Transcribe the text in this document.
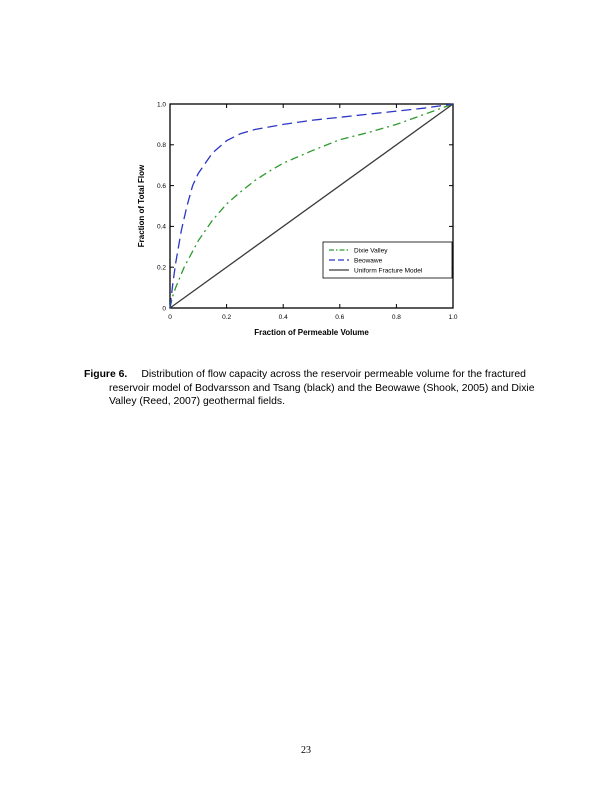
0	0.2	0.4	0.6	0.8	1.0
0
0.2
0.4
0.6
0.8
1.0
Fraction of Permeable Volume
Fraction of Total Flow
Dixie Valley
Beowawe
Uniform Fracture Model
Figure 6. Distribution of flow capacity across the reservoir permeable volume for the fractured reservoir model of Bodvarsson and Tsang (black) and the Beowawe (Shook, 2005) and Dixie Valley (Reed, 2007) geothermal fields.
23
